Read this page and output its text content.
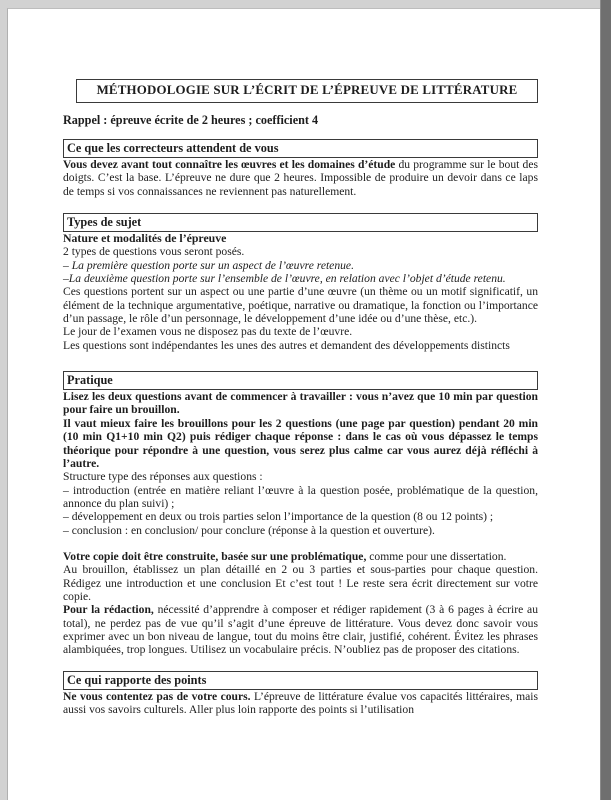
MÉTHODOLOGIE SUR L’ÉCRIT DE L’ÉPREUVE DE LITTÉRATURE

Rappel : épreuve écrite de 2 heures ; coefficient 4

Ce que les correcteurs attendent de vous

Vous devez avant tout connaître les œuvres et les domaines d’étude du programme sur le bout des doigts. C’est la base. L’épreuve ne dure que 2 heures. Impossible de produire un devoir dans ce laps de temps si vos connaissances ne reviennent pas naturellement.

Types de sujet

Nature et modalités de l’épreuve

2 types de questions vous seront posés.

– La première question porte sur un aspect de l’œuvre retenue.

–La deuxième question porte sur l’ensemble de l’œuvre, en relation avec l’objet d’étude retenu.

Ces questions portent sur un aspect ou une partie d’une œuvre (un thème ou un motif significatif, un élément de la technique argumentative, poétique, narrative ou dramatique, la fonction ou l’importance d’un passage, le rôle d’un personnage, le développement d’une idée ou d’une thèse, etc.).

Le jour de l’examen vous ne disposez pas du texte de l’œuvre.

Les questions sont indépendantes les unes des autres et demandent des développements distincts

Pratique

Lisez les deux questions avant de commencer à travailler : vous n’avez que 10 min par question pour faire un brouillon.

Il vaut mieux faire les brouillons pour les 2 questions (une page par question) pendant 20 min (10 min Q1+10 min Q2) puis rédiger chaque réponse : dans le cas où vous dépassez le temps théorique pour répondre à une question, vous serez plus calme car vous aurez déjà réfléchi à l’autre.

Structure type des réponses aux questions :

– introduction (entrée en matière reliant l’œuvre à la question posée, problématique de la question, annonce du plan suivi) ;

– développement en deux ou trois parties selon l’importance de la question (8 ou 12 points) ;

– conclusion : en conclusion/ pour conclure (réponse à la question et ouverture).

Votre copie doit être construite, basée sur une problématique, comme pour une dissertation.

Au brouillon, établissez un plan détaillé en 2 ou 3 parties et sous-parties pour chaque question. Rédigez une introduction et une conclusion Et c’est tout ! Le reste sera écrit directement sur votre copie.

Pour la rédaction, nécessité d’apprendre à composer et rédiger rapidement (3 à 6 pages à écrire au total), ne perdez pas de vue qu’il s’agit d’une épreuve de littérature. Vous devez donc savoir vous exprimer avec un bon niveau de langue, tout du moins être clair, justifié, cohérent. Évitez les phrases alambiquées, trop longues. Utilisez un vocabulaire précis. N’oubliez pas de proposer des citations.

Ce qui rapporte des points

Ne vous contentez pas de votre cours. L’épreuve de littérature évalue vos capacités littéraires, mais aussi vos savoirs culturels. Aller plus loin rapporte des points si l’utilisation
